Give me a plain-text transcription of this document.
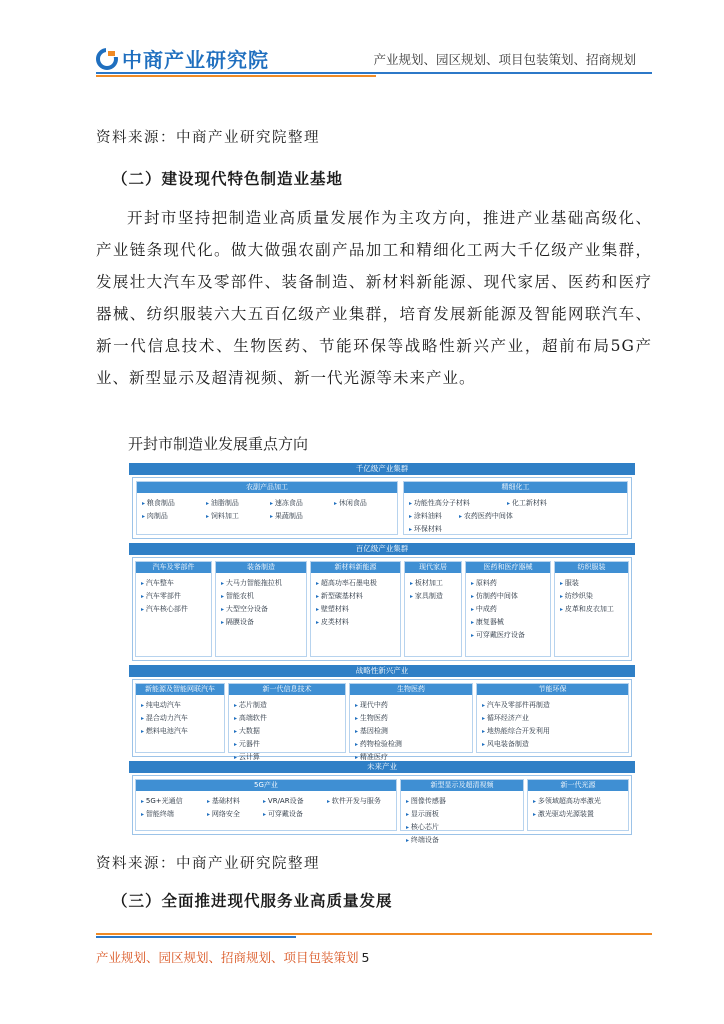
中商产业研究院	产业规划、园区规划、项目包装策划、招商规划
资料来源：中商产业研究院整理
（二）建设现代特色制造业基地
开封市坚持把制造业高质量发展作为主攻方向，推进产业基础高级化、产业链条现代化。做大做强农副产品加工和精细化工两大千亿级产业集群，发展壮大汽车及零部件、装备制造、新材料新能源、现代家居、医药和医疗器械、纺织服装六大五百亿级产业集群，培育发展新能源及智能网联汽车、新一代信息技术、生物医药、节能环保等战略性新兴产业，超前布局5G产业、新型显示及超清视频、新一代光源等未来产业。
开封市制造业发展重点方向
千亿级产业集群
农副产品加工
▸ 粮食制品	▸ 油脂制品	▸ 速冻食品	▸ 休闲食品
▸ 肉制品	▸ 饲料加工	▸ 果蔬制品
精细化工
▸ 功能性高分子材料	▸ 化工新材料
▸ 涂料油料	▸ 农药医药中间体
▸ 环保材料
百亿级产业集群
汽车及零部件
▸ 汽车整车
▸ 汽车零部件
▸ 汽车核心部件
装备制造
▸ 大马力智能拖拉机
▸ 智能农机
▸ 大型空分设备
▸ 隔膜设备
新材料新能源
▸ 超高功率石墨电极
▸ 新型碳基材料
▸ 壁塑材料
▸ 皮类材料
现代家居
▸ 板材加工
▸ 家具制造
医药和医疗器械
▸ 原料药
▸ 仿制药中间体
▸ 中成药
▸ 康复器械
▸ 可穿戴医疗设备
纺织服装
▸ 服装
▸ 纺纱织染
▸ 皮革和皮衣加工
战略性新兴产业
新能源及智能网联汽车
▸ 纯电动汽车
▸ 混合动力汽车
▸ 燃料电池汽车
新一代信息技术
▸ 芯片制造
▸ 高端软件
▸ 大数据
▸ 元器件
▸ 云计算
生物医药
▸ 现代中药
▸ 生物医药
▸ 基因检测
▸ 药物检验检测
▸ 精准医疗
节能环保
▸ 汽车及零部件再制造
▸ 循环经济产业
▸ 地热能综合开发利用
▸ 风电装备制造
未来产业
5G产业
▸ 5G+光通信	▸ 基础材料	▸ VR/AR设备	▸ 软件开发与服务
▸ 智能终端	▸ 网络安全	▸ 可穿戴设备
新型显示及超清视频
▸ 图像传感器
▸ 显示面板
▸ 核心芯片
▸ 终端设备
新一代光源
▸ 多领域超高功率激光
▸ 激光驱动光源装置
资料来源：中商产业研究院整理
（三）全面推进现代服务业高质量发展
产业规划、园区规划、招商规划、项目包装策划 5
